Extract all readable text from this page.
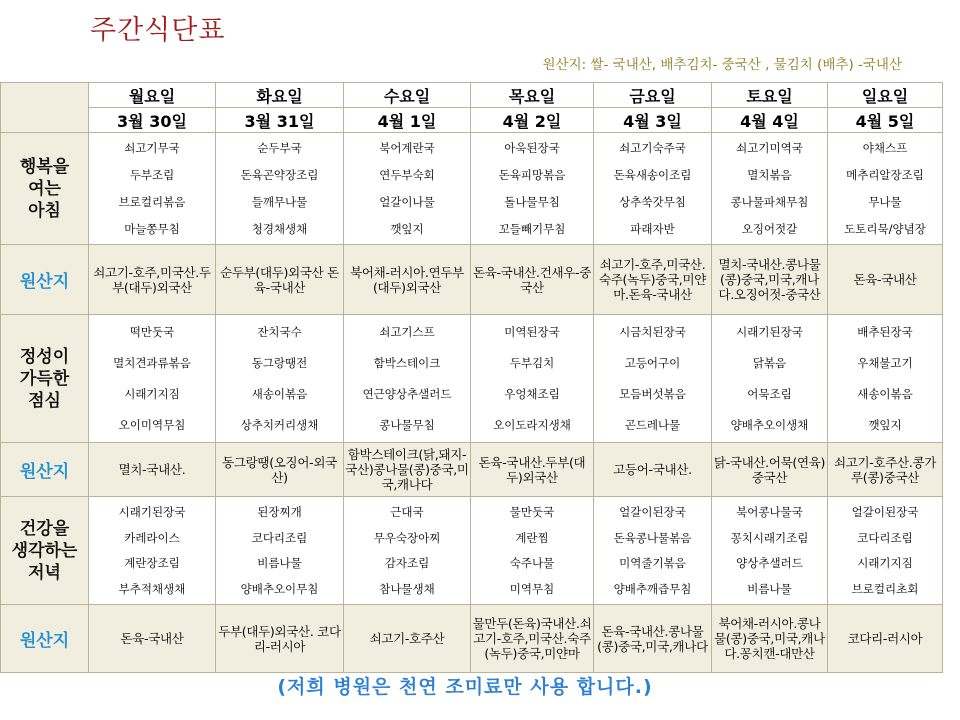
주간식단표
원산지: 쌀- 국내산, 배추김치- 중국산 , 물김치 (배추) -국내산
	월요일	화요일	수요일	목요일	금요일	토요일	일요일
	3월 30일	3월 31일	4월 1일	4월 2일	4월 3일	4월 4일	4월 5일

행복을
여는
아침	쇠고기무국
두부조림
브로컬리볶음
마늘쫑무침	순두부국
돈육곤약장조림
들깨무나물
청경채생채	북어계란국
연두부숙회
얼갈이나물
깻잎지	아욱된장국
돈육피망볶음
돌나물무침
꼬들빼기무침	쇠고기숙주국
돈육새송이조림
상추쑥갓무침
파래자반	쇠고기미역국
멸치볶음
콩나물파채무침
오징어젓갈	야채스프
메추리알장조림
무나물
도토리묵/양념장

원산지	쇠고기-호주,미국산.두부(대두)외국산	순두부(대두)외국산 돈육-국내산	북어채-러시아.연두부(대두)외국산	돈육-국내산.건새우-중국산	쇠고기-호주,미국산.숙주(녹두)중국,미얀마.돈육-국내산	멸치-국내산.콩나물(콩)중국,미국,캐나다.오징어젓-중국산	돈육-국내산

정성이
가득한
점심	떡만둣국
멸치견과류볶음
시래기지짐
오이미역무침	잔치국수
동그랑땡전
새송이볶음
상추치커리생채	쇠고기스프
함박스테이크
연근양상추샐러드
콩나물무침	미역된장국
두부김치
우엉채조림
오이도라지생채	시금치된장국
고등어구이
모듬버섯볶음
곤드레나물	시래기된장국
닭볶음
어묵조림
양배추오이생채	배추된장국
우채불고기
새송이볶음
깻잎지

원산지	멸치-국내산.	동그랑땡(오징어-외국산)	함박스테이크(닭,돼지-국산)콩나물(콩)중국,미국,캐나다	돈육-국내산.두부(대두)외국산	고등어-국내산.	닭-국내산.어묵(연육)중국산	쇠고기-호주산.콩가루(콩)중국산

건강을
생각하는
저녁	시래기된장국
카레라이스
계란장조림
부추적채생채	된장찌개
코다리조림
비름나물
양배추오이무침	근대국
무우숙장아찌
감자조림
참나물생채	물만둣국
계란찜
숙주나물
미역무침	얼갈이된장국
돈육콩나물볶음
미역줄기볶음
양배추깨즙무침	북어콩나물국
꽁치시래기조림
양상추샐러드
비름나물	얼갈이된장국
코다리조림
시래기지짐
브로컬리초회

원산지	돈육-국내산	두부(대두)외국산. 코다리-러시아	쇠고기-호주산	물만두(돈육)국내산.쇠고기-호주,미국산.숙주(녹두)중국,미얀마	돈육-국내산.콩나물(콩)중국,미국,캐나다	북어채-러시아.콩나물(콩)중국,미국,캐나다.꽁치캔-대만산	코다리-러시아
(저희 병원은 천연 조미료만 사용 합니다.)
